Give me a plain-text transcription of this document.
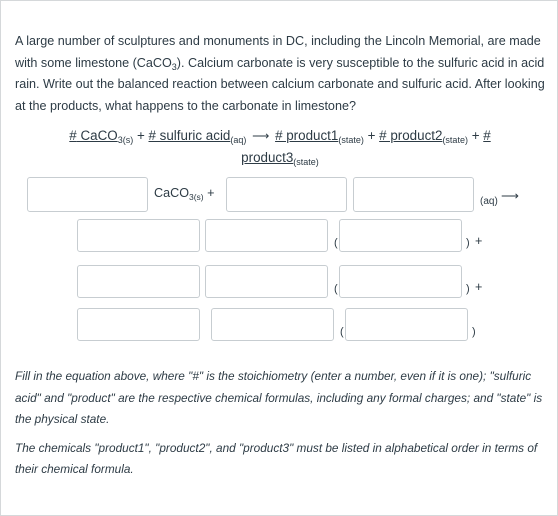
A large number of sculptures and monuments in DC, including the Lincoln Memorial, are made with some limestone (CaCO$_3$). Calcium carbonate is very susceptible to the sulfuric acid in acid rain. Write out the balanced reaction between calcium carbonate and sulfuric acid. After looking at the products, what happens to the carbonate in limestone?
# CaCO$_{3(s)}$ + # sulfuric acid$_{(aq)}$ ⟶ # $product1_{(state)}$ + # $product2_{(state)}$ + #
$product3_{(state)}$
CaCO$_{3(s)}$ +
(aq) ⟶
(	) +
(	) +
(	)

Fill in the equation above, where "#" is the stoichiometry (enter a number, even if it is one); "sulfuric acid" and "product" are the respective chemical formulas, including any formal charges; and "state" is the physical state.

The chemicals "product1", "product2", and "product3" must be listed in alphabetical order in terms of their chemical formula.
